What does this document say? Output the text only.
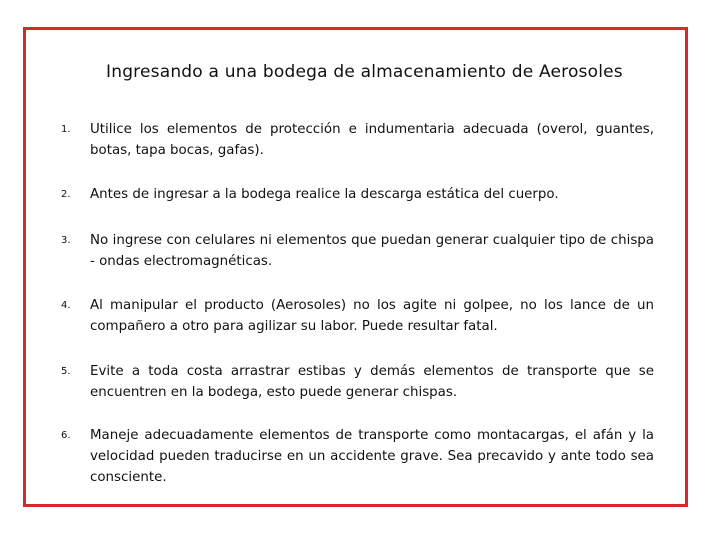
Ingresando a una bodega de almacenamiento de Aerosoles
1. Utilice los elementos de protección e indumentaria adecuada (overol, guantes, botas, tapa bocas, gafas).
2. Antes de ingresar a la bodega realice la descarga estática del cuerpo.
3. No ingrese con celulares ni elementos que puedan generar cualquier tipo de chispa - ondas electromagnéticas.
4. Al manipular el producto (Aerosoles) no los agite ni golpee, no los lance de un compañero a otro para agilizar su labor. Puede resultar fatal.
5. Evite a toda costa arrastrar estibas y demás elementos de transporte que se encuentren en la bodega, esto puede generar chispas.
6. Maneje adecuadamente elementos de transporte como montacargas, el afán y la velocidad pueden traducirse en un accidente grave. Sea precavido y ante todo sea consciente.
